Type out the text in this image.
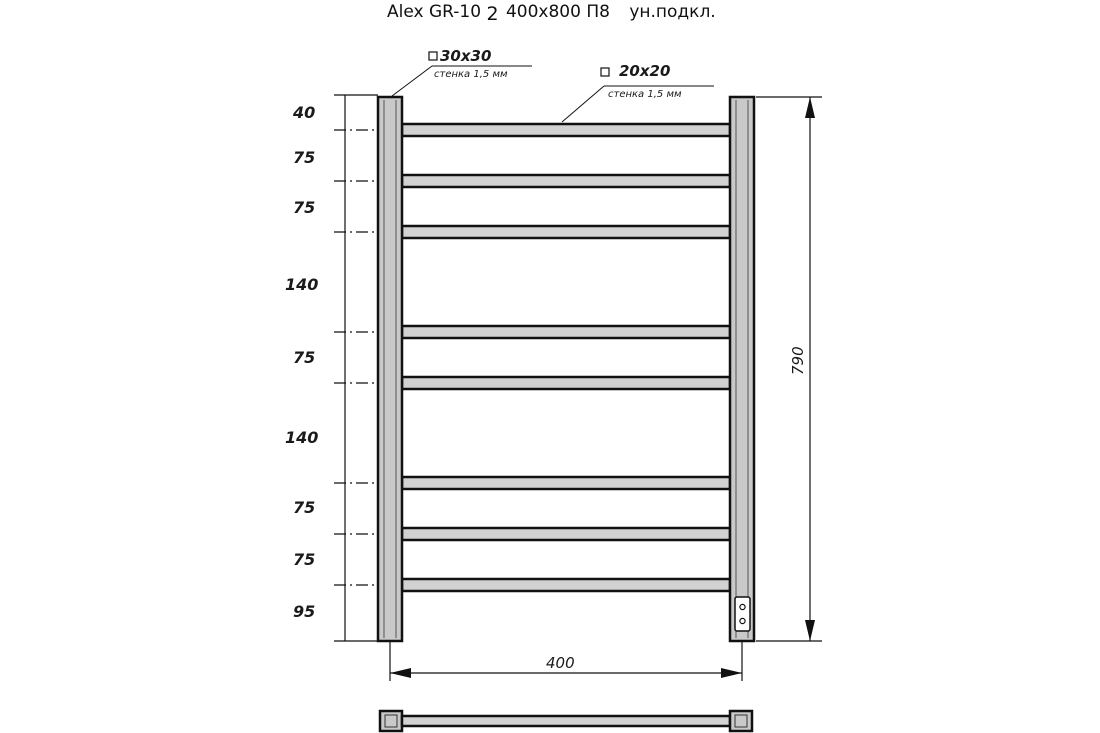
Alex GR-10 2 400x800 П8 ун.подкл.
30x30
стенка 1,5 мм	20x20
стенка 1,5 мм
40
75
75
140
75
140
75
75
95
790
400
